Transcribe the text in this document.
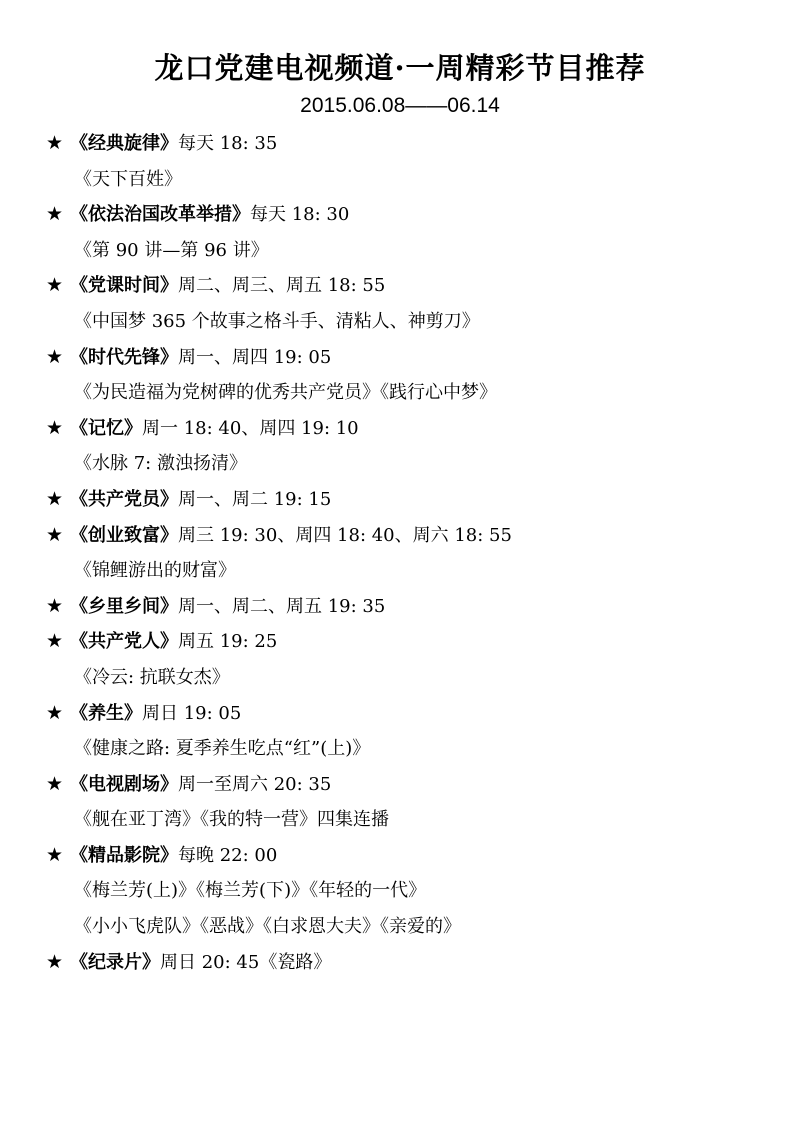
龙口党建电视频道·一周精彩节目推荐
2015.06.08——06.14
★ 《经典旋律》每天 18: 35
《天下百姓》
★ 《依法治国改革举措》每天 18: 30
《第 90 讲—第 96 讲》
★ 《党课时间》周二、周三、周五 18: 55
《中国梦 365 个故事之格斗手、清粘人、神剪刀》
★ 《时代先锋》周一、周四 19: 05
《为民造福为党树碑的优秀共产党员》《践行心中梦》
★ 《记忆》周一 18: 40、周四 19: 10
《水脉 7: 激浊扬清》
★ 《共产党员》周一、周二 19: 15
★ 《创业致富》周三 19: 30、周四 18: 40、周六 18: 55
《锦鲤游出的财富》
★ 《乡里乡间》周一、周二、周五 19: 35
★ 《共产党人》周五 19: 25
《冷云: 抗联女杰》
★ 《养生》周日 19: 05
《健康之路: 夏季养生吃点“红”(上)》
★ 《电视剧场》周一至周六 20: 35
《舰在亚丁湾》《我的特一营》四集连播
★ 《精品影院》每晚 22: 00
《梅兰芳(上)》《梅兰芳(下)》《年轻的一代》
《小小飞虎队》《恶战》《白求恩大夫》《亲爱的》
★ 《纪录片》周日 20: 45《瓷路》
